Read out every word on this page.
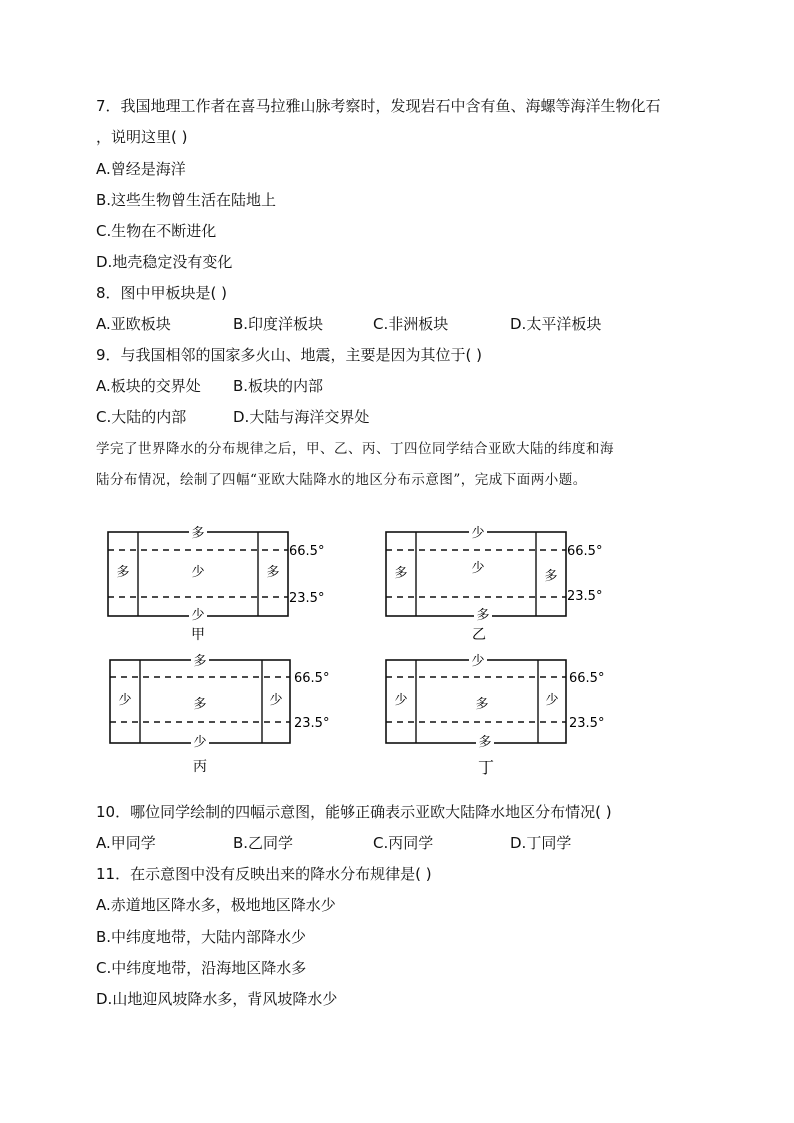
7．我国地理工作者在喜马拉雅山脉考察时，发现岩石中含有鱼、海螺等海洋生物化石
，说明这里( )
A.曾经是海洋
B.这些生物曾生活在陆地上
C.生物在不断进化
D.地壳稳定没有变化
8．图中甲板块是( )
A.亚欧板块	B.印度洋板块	C.非洲板块	D.太平洋板块
9．与我国相邻的国家多火山、地震，主要是因为其位于( )
A.板块的交界处 B.板块的内部
C.大陆的内部	D.大陆与海洋交界处
学完了世界降水的分布规律之后，甲、乙、丙、丁四位同学结合亚欧大陆的纬度和海
陆分布情况，绘制了四幅“亚欧大陆降水的地区分布示意图”，完成下面两小题。
多
少
多	多
少
66.5°
23.5°
甲
少
多
多	多
少
66.5°
23.5°
乙
多
少
少	少
多
66.5°
23.5°
丙
少
多
少	少
多
66.5°
23.5°
丁
10．哪位同学绘制的四幅示意图，能够正确表示亚欧大陆降水地区分布情况( )
A.甲同学	B.乙同学	C.丙同学	D.丁同学
11．在示意图中没有反映出来的降水分布规律是( )
A.赤道地区降水多，极地地区降水少
B.中纬度地带，大陆内部降水少
C.中纬度地带，沿海地区降水多
D.山地迎风坡降水多，背风坡降水少
